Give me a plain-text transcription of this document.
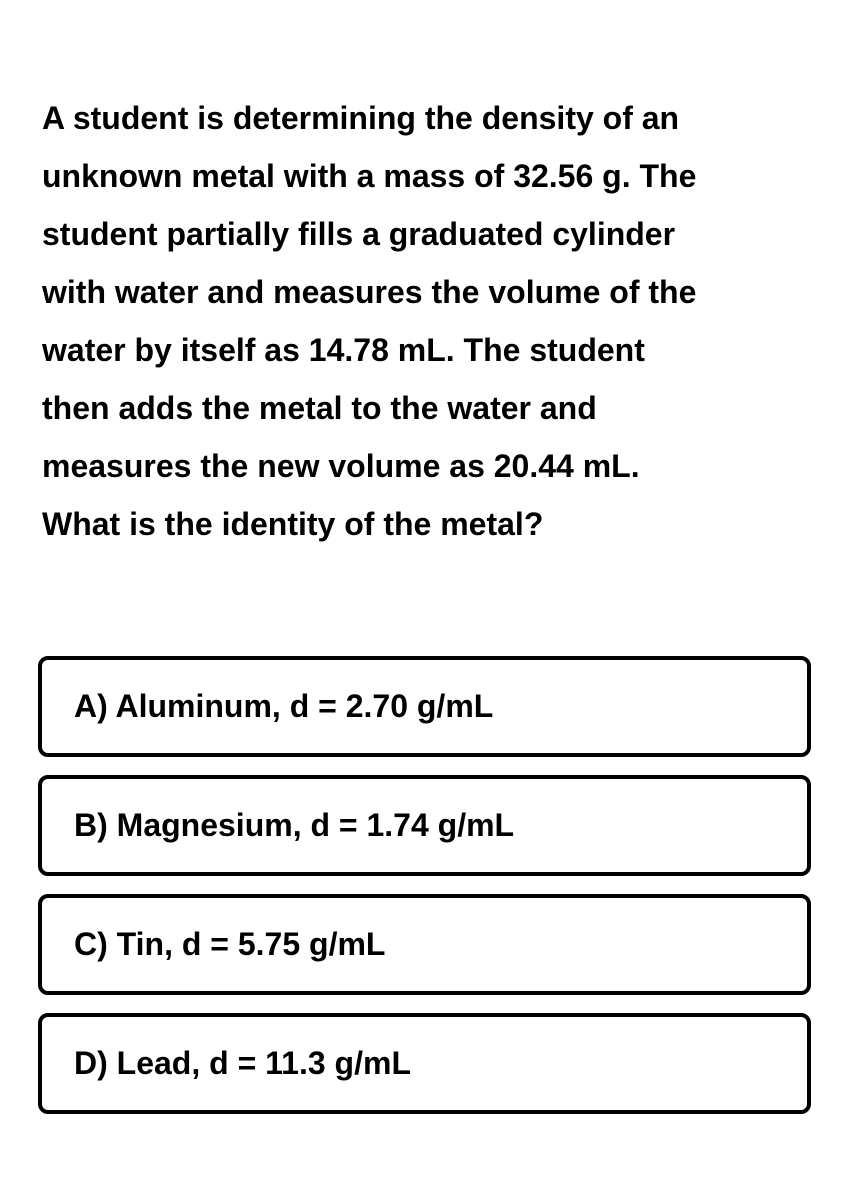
A student is determining the density of an
unknown metal with a mass of 32.56 g. The
student partially fills a graduated cylinder
with water and measures the volume of the
water by itself as 14.78 mL. The student
then adds the metal to the water and
measures the new volume as 20.44 mL.
What is the identity of the metal?
A) Aluminum, d = 2.70 g/mL
B) Magnesium, d = 1.74 g/mL
C) Tin, d = 5.75 g/mL
D) Lead, d = 11.3 g/mL
